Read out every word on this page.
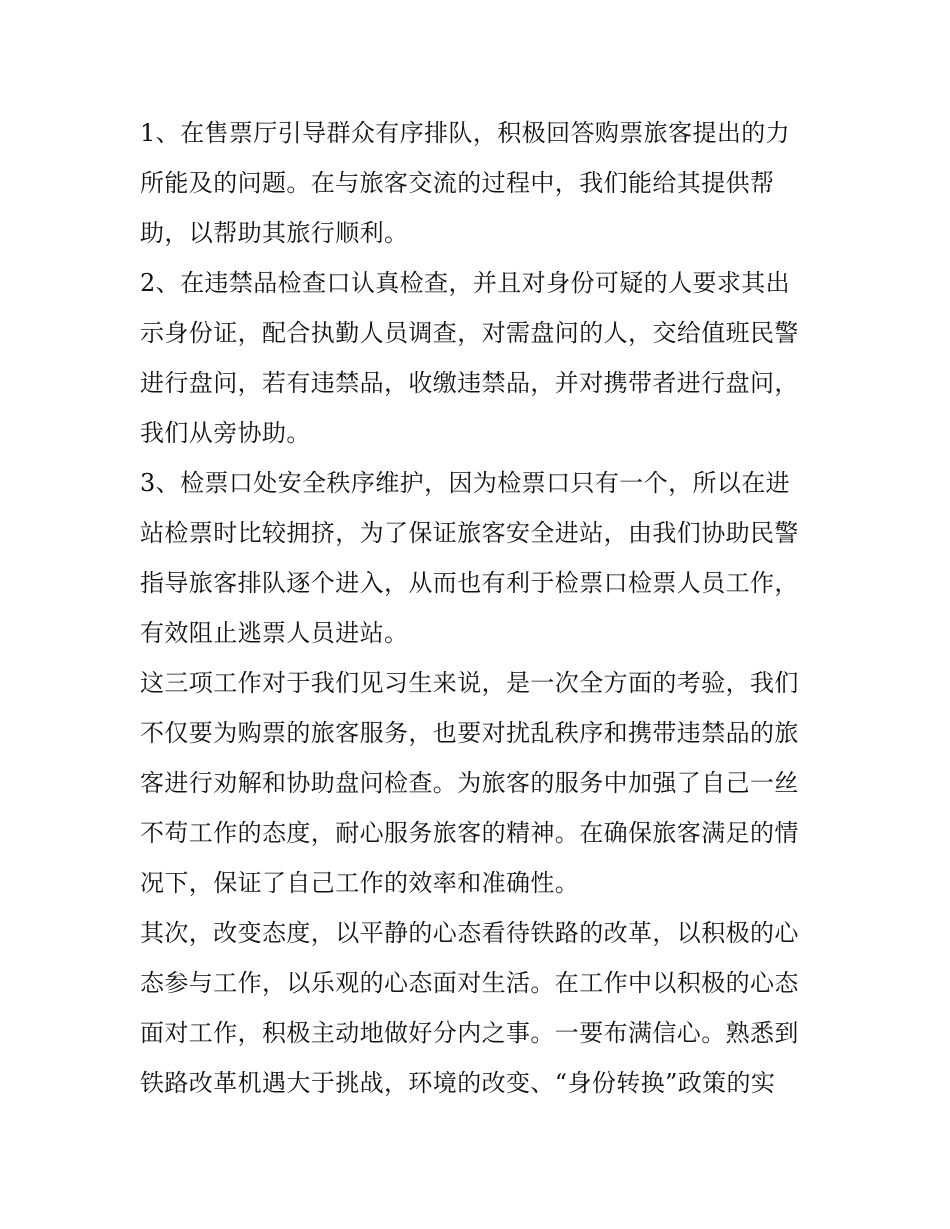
1、在售票厅引导群众有序排队，积极回答购票旅客提出的力
所能及的问题。在与旅客交流的过程中，我们能给其提供帮
助，以帮助其旅行顺利。
2、在违禁品检查口认真检查，并且对身份可疑的人要求其出
示身份证，配合执勤人员调查，对需盘问的人，交给值班民警
进行盘问，若有违禁品，收缴违禁品，并对携带者进行盘问，
我们从旁协助。
3、检票口处安全秩序维护，因为检票口只有一个，所以在进
站检票时比较拥挤，为了保证旅客安全进站，由我们协助民警
指导旅客排队逐个进入，从而也有利于检票口检票人员工作，
有效阻止逃票人员进站。
这三项工作对于我们见习生来说，是一次全方面的考验，我们
不仅要为购票的旅客服务，也要对扰乱秩序和携带违禁品的旅
客进行劝解和协助盘问检查。为旅客的服务中加强了自己一丝
不苟工作的态度，耐心服务旅客的精神。在确保旅客满足的情
况下，保证了自己工作的效率和准确性。
其次，改变态度，以平静的心态看待铁路的改革，以积极的心
态参与工作，以乐观的心态面对生活。在工作中以积极的心态
面对工作，积极主动地做好分内之事。一要布满信心。熟悉到
铁路改革机遇大于挑战，环境的改变、“身份转换”政策的实
